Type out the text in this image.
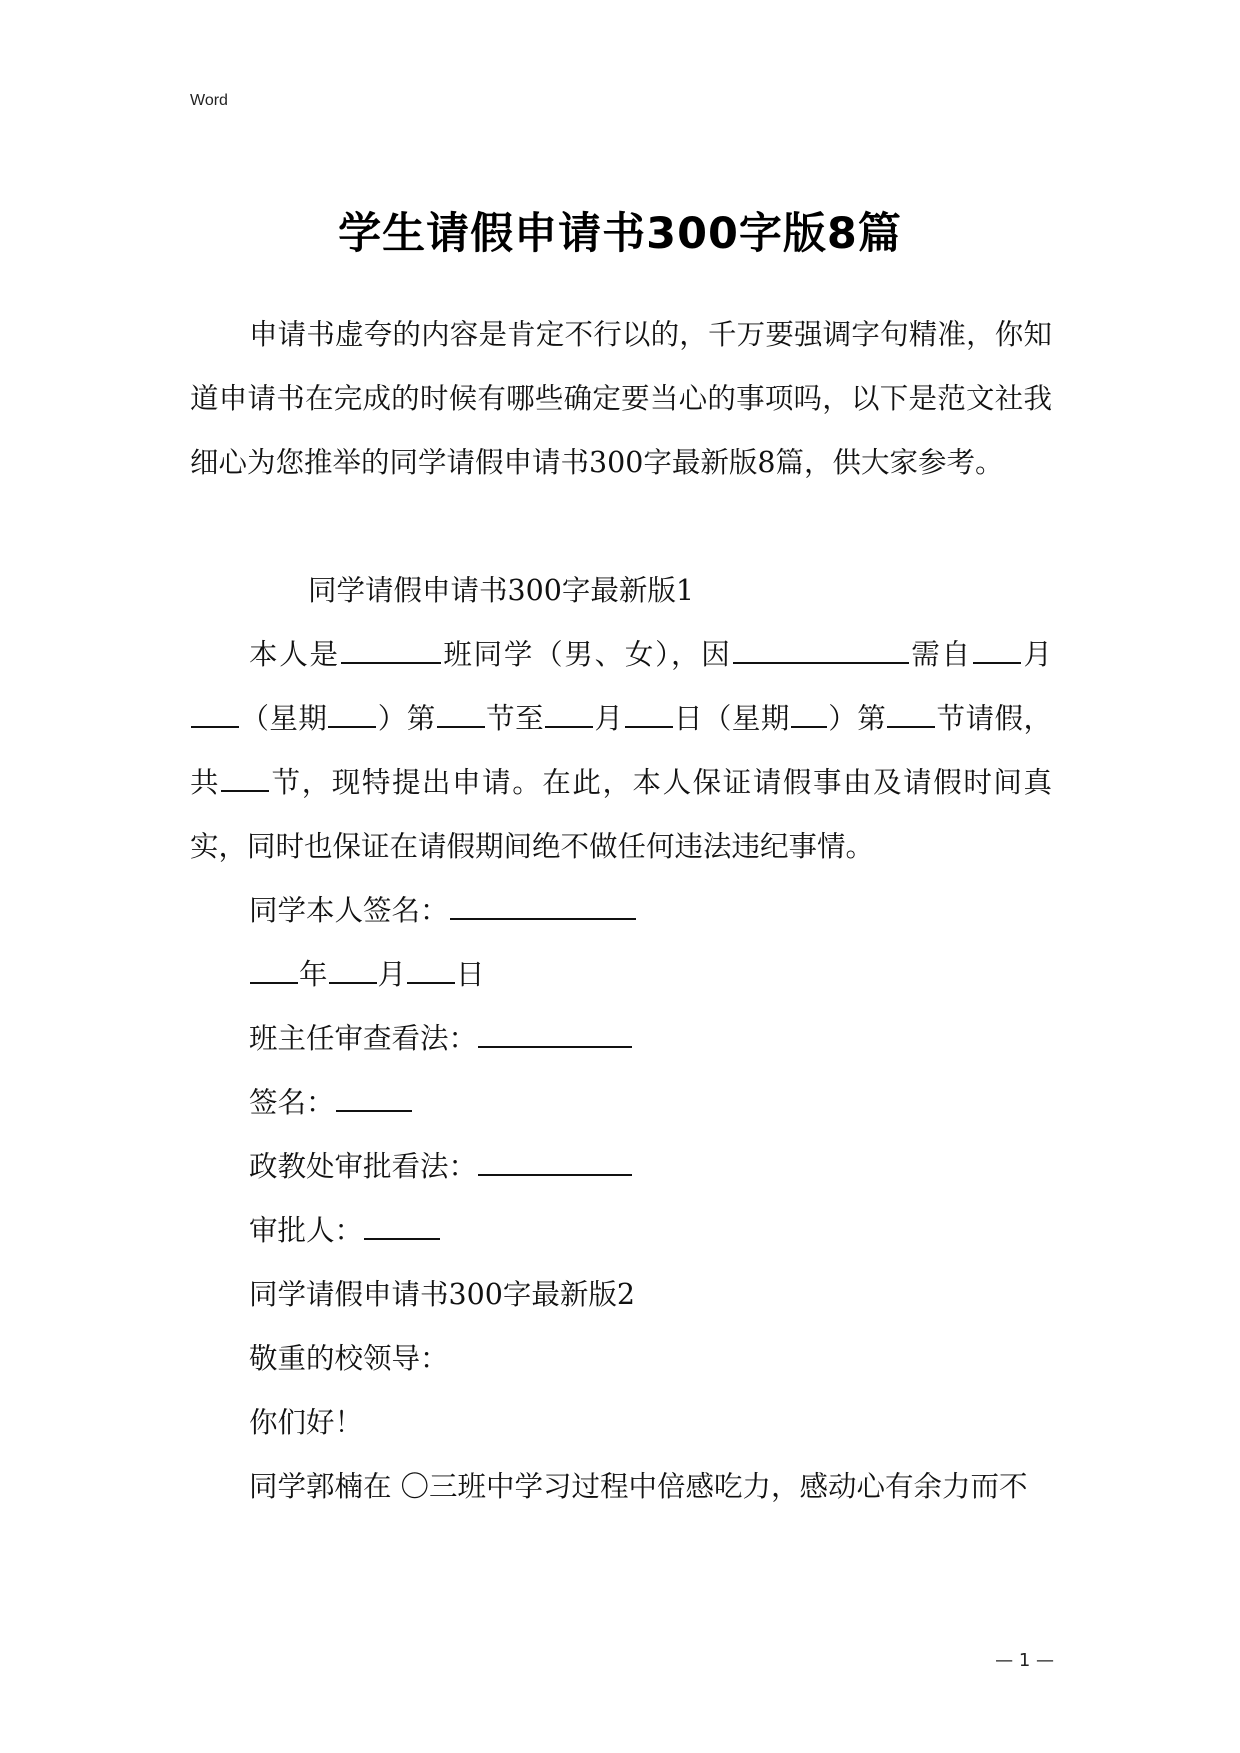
Word
学生请假申请书300字版8篇

申请书虚夸的内容是肯定不行以的，千万要强调字句精准，你知道申请书在完成的时候有哪些确定要当心的事项吗，以下是范文社我细心为您推举的同学请假申请书300字最新版8篇，供大家参考。

同学请假申请书300字最新版1

本人是	班同学（男、女），因	需自 月（星期 ）第 节至 月 日（星期 ）第 节请假，共 节，现特提出申请。在此，本人保证请假事由及请假时间真实，同时也保证在请假期间绝不做任何违法违纪事情。

同学本人签名：

年 月 日

班主任审查看法：

签名：

政教处审批看法：

审批人：

同学请假申请书300字最新版2

敬重的校领导：

你们好！

同学郭楠在 〇三班中学习过程中倍感吃力，感动心有余力而不

— 1 —
